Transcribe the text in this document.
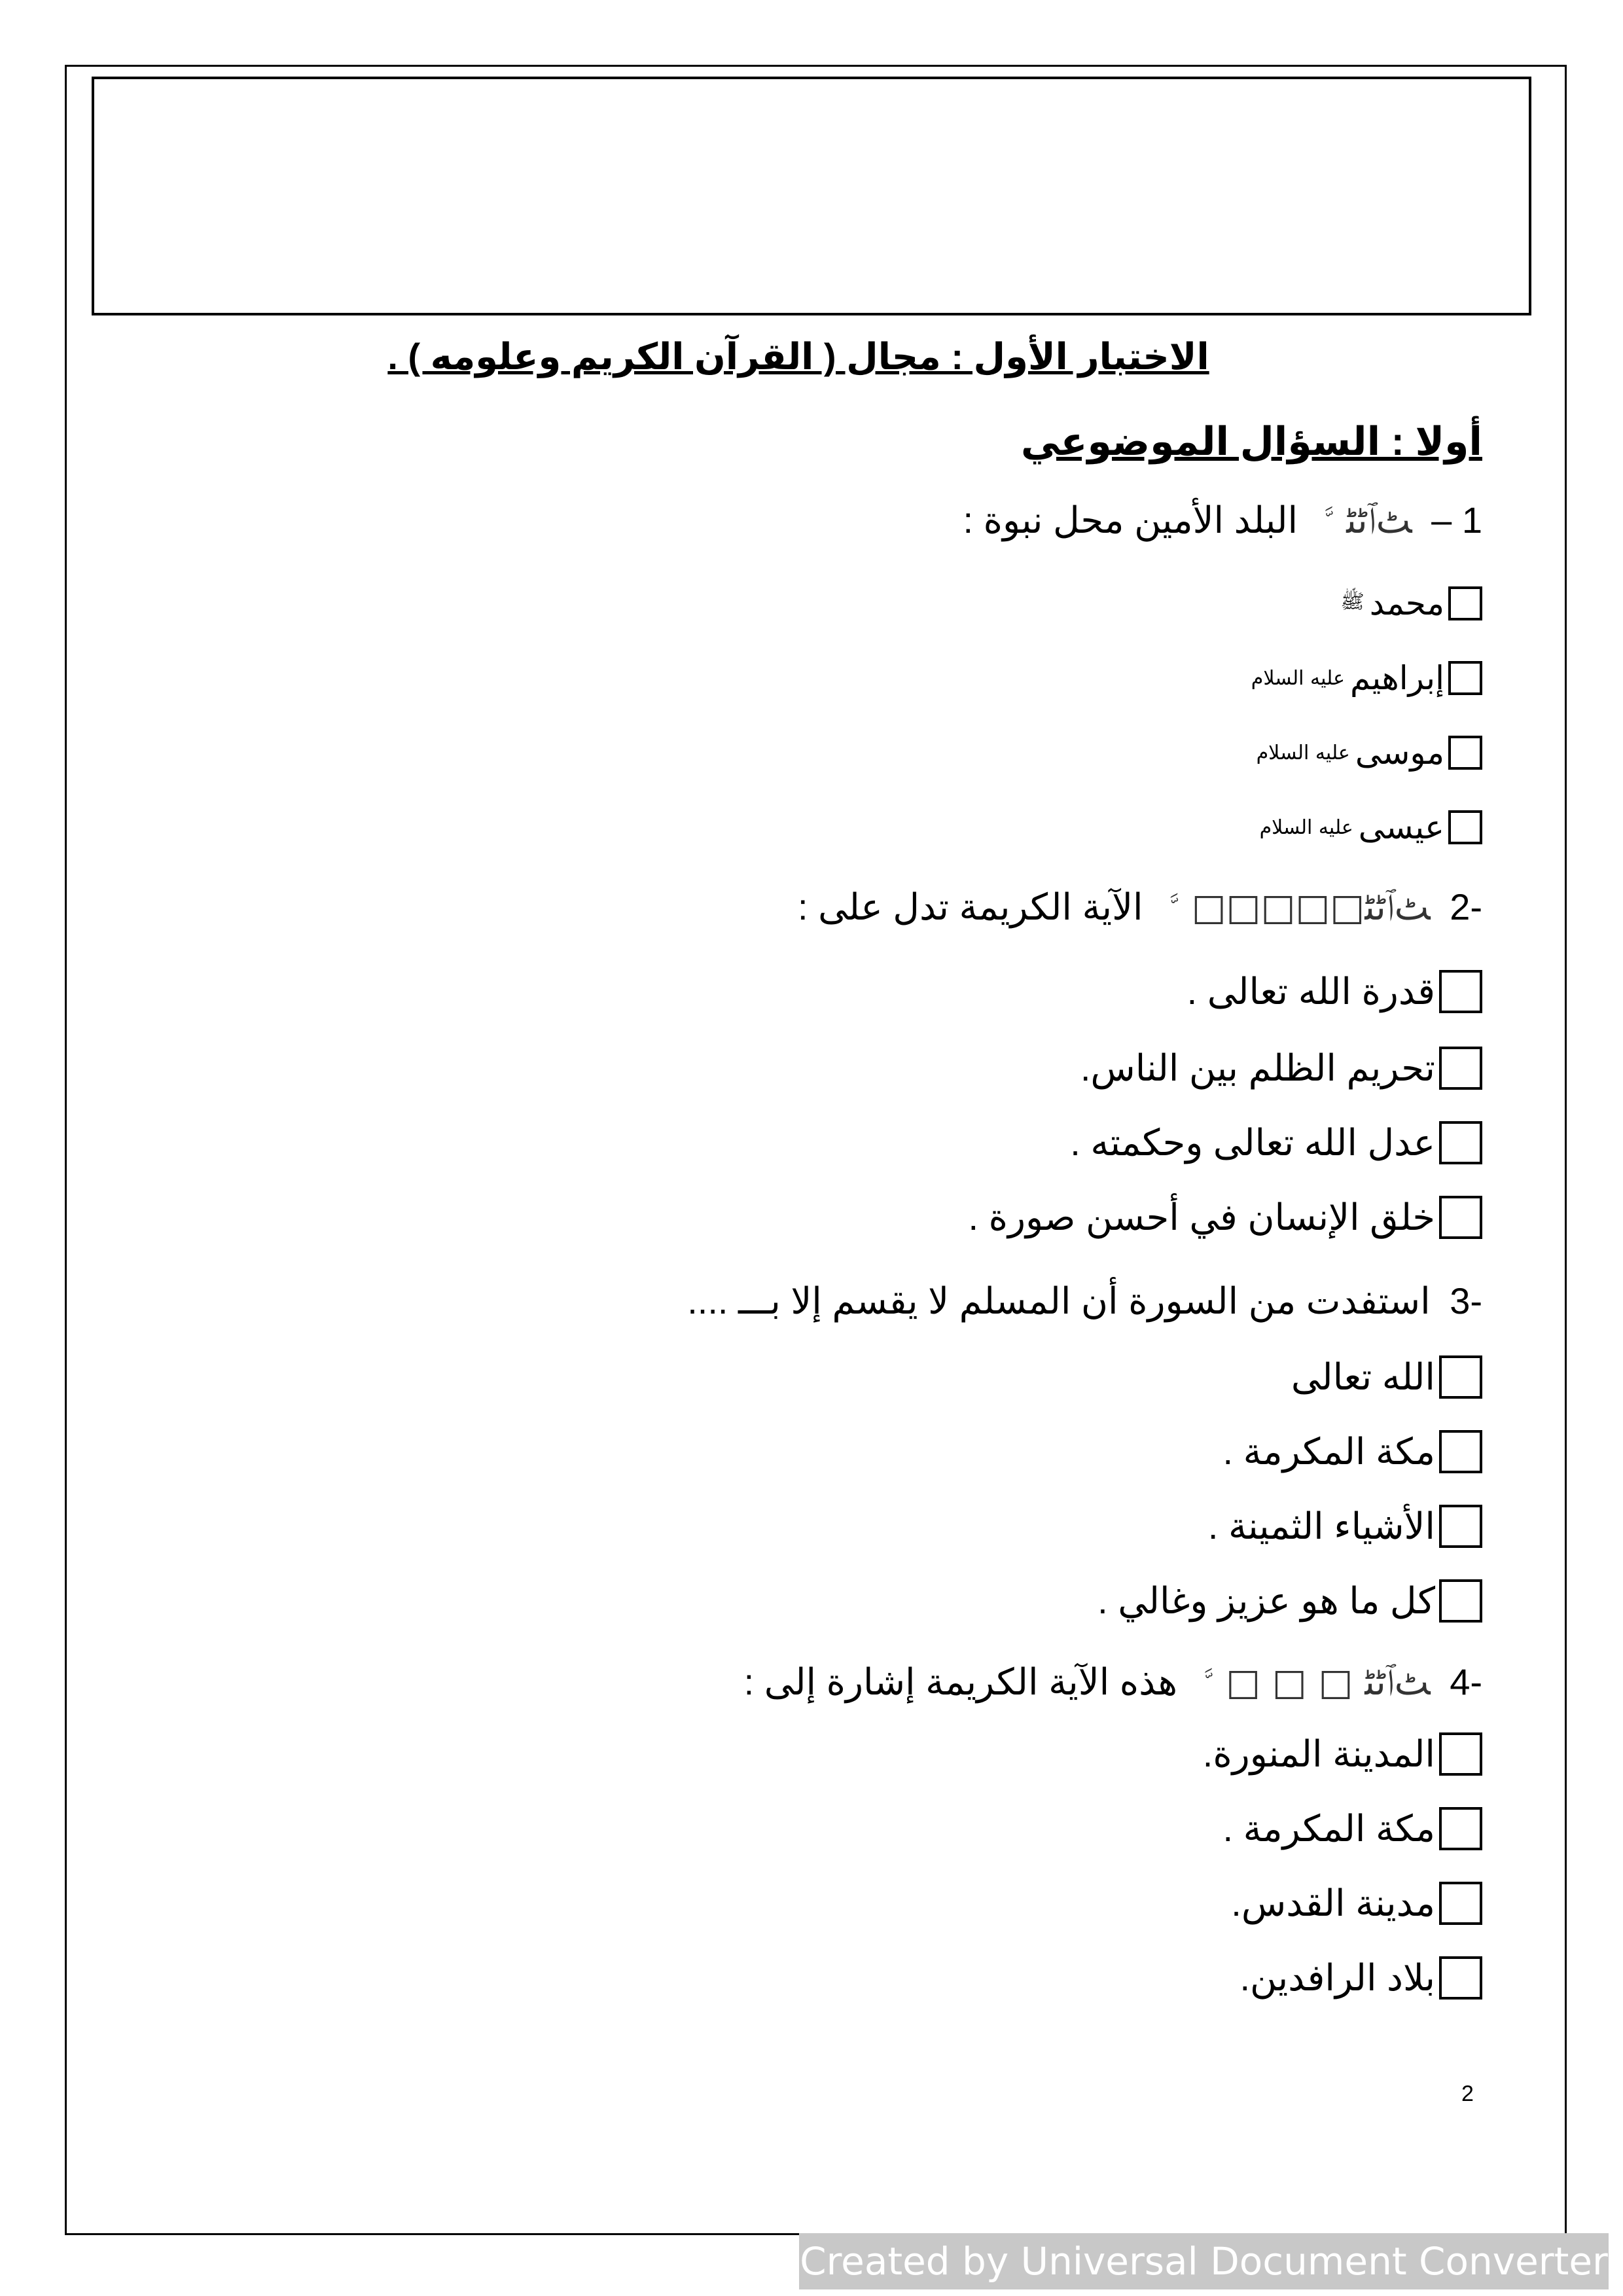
الاختبار الأول : مجال ( القرآن الكريم وعلومه ) .
أولا : السؤال الموضوعي
1 – ﭧﭐﭨﭩ ﱠ البلد الأمين محل نبوة :
محمد
ﷺ
إبراهيم
عليه السلام
موسى
عليه السلام
عيسى
عليه السلام
-2 ﭧﭐﭨﭩ□□□□□ ﱠ الآية الكريمة تدل على :
قدرة الله تعالى .
تحريم الظلم بين الناس.
عدل الله تعالى وحكمته .
خلق الإنسان في أحسن صورة .
-3 استفدت من السورة أن المسلم لا يقسم إلا بـــ ....
الله تعالى
مكة المكرمة .
الأشياء الثمينة .
كل ما هو عزيز وغالي .
-4 ﭧﭐﭨﭩ □ □ □ ﱠ هذه الآية الكريمة إشارة إلى :
المدينة المنورة.
مكة المكرمة .
مدينة القدس.
بلاد الرافدين.
2
Created by Universal Document Converter
